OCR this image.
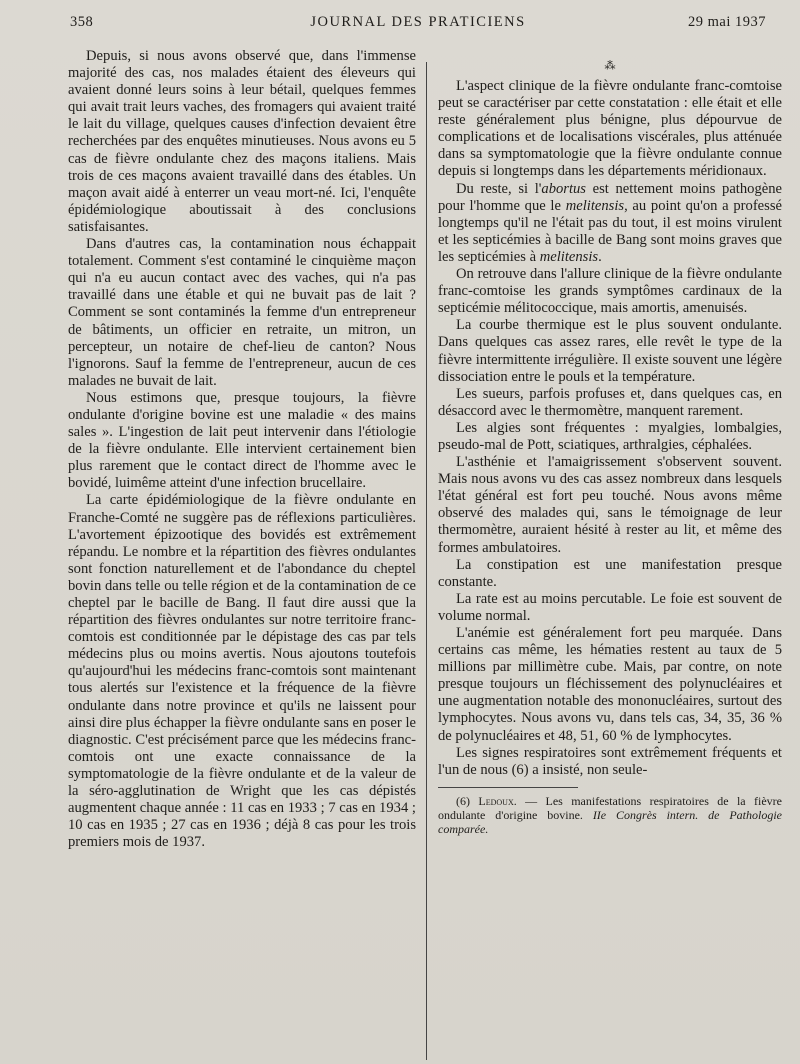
358	JOURNAL DES PRATICIENS	29 mai 1937

Depuis, si nous avons observé que, dans l'immense majorité des cas, nos malades étaient des éleveurs qui avaient donné leurs soins à leur bétail, quelques femmes qui avait trait leurs vaches, des fromagers qui avaient traité le lait du village, quelques causes d'infection devaient être recherchées par des enquêtes minutieuses. Nous avons eu 5 cas de fièvre ondulante chez des maçons italiens. Mais trois de ces maçons avaient travaillé dans des étables. Un maçon avait aidé à enterrer un veau mort-né. Ici, l'enquête épidémiologique aboutissait à des conclusions satisfaisantes.

Dans d'autres cas, la contamination nous échappait totalement. Comment s'est contaminé le cinquième maçon qui n'a eu aucun contact avec des vaches, qui n'a pas travaillé dans une étable et qui ne buvait pas de lait ? Comment se sont contaminés la femme d'un entrepreneur de bâtiments, un officier en retraite, un mitron, un percepteur, un notaire de chef-lieu de canton? Nous l'ignorons. Sauf la femme de l'entrepreneur, aucun de ces malades ne buvait de lait.

Nous estimons que, presque toujours, la fièvre ondulante d'origine bovine est une maladie « des mains sales ». L'ingestion de lait peut intervenir dans l'étiologie de la fièvre ondulante. Elle intervient certainement bien plus rarement que le contact direct de l'homme avec le bovidé, luimême atteint d'une infection brucellaire.

La carte épidémiologique de la fièvre ondulante en Franche-Comté ne suggère pas de réflexions particulières. L'avortement épizootique des bovidés est extrêmement répandu. Le nombre et la répartition des fièvres ondulantes sont fonction naturellement et de l'abondance du cheptel bovin dans telle ou telle région et de la contamination de ce cheptel par le bacille de Bang. Il faut dire aussi que la répartition des fièvres ondulantes sur notre territoire franc-comtois est conditionnée par le dépistage des cas par tels médecins plus ou moins avertis. Nous ajoutons toutefois qu'aujourd'hui les médecins franc-comtois sont maintenant tous alertés sur l'existence et la fréquence de la fièvre ondulante dans notre province et qu'ils ne laissent pour ainsi dire plus échapper la fièvre ondulante sans en poser le diagnostic. C'est précisément parce que les médecins franc-comtois ont une exacte connaissance de la symptomatologie de la fièvre ondulante et de la valeur de la séro-agglutination de Wright que les cas dépistés augmentent chaque année : 11 cas en 1933 ; 7 cas en 1934 ; 10 cas en 1935 ; 27 cas en 1936 ; déjà 8 cas pour les trois premiers mois de 1937.

⁂

L'aspect clinique de la fièvre ondulante franc-comtoise peut se caractériser par cette constatation : elle était et elle reste généralement plus bénigne, plus dépourvue de complications et de localisations viscérales, plus atténuée dans sa symptomatologie que la fièvre ondulante connue depuis si longtemps dans les départements méridionaux.

Du reste, si l'abortus est nettement moins pathogène pour l'homme que le melitensis, au point qu'on a professé longtemps qu'il ne l'était pas du tout, il est moins virulent et les septicémies à bacille de Bang sont moins graves que les septicémies à melitensis.

On retrouve dans l'allure clinique de la fièvre ondulante franc-comtoise les grands symptômes cardinaux de la septicémie mélitococcique, mais amortis, amenuisés.

La courbe thermique est le plus souvent ondulante. Dans quelques cas assez rares, elle revêt le type de la fièvre intermittente irrégulière. Il existe souvent une légère dissociation entre le pouls et la température.

Les sueurs, parfois profuses et, dans quelques cas, en désaccord avec le thermomètre, manquent rarement.

Les algies sont fréquentes : myalgies, lombalgies, pseudo-mal de Pott, sciatiques, arthralgies, céphalées.

L'asthénie et l'amaigrissement s'observent souvent. Mais nous avons vu des cas assez nombreux dans lesquels l'état général est fort peu touché. Nous avons même observé des malades qui, sans le témoignage de leur thermomètre, auraient hésité à rester au lit, et même des formes ambulatoires.

La constipation est une manifestation presque constante.

La rate est au moins percutable. Le foie est souvent de volume normal.

L'anémie est généralement fort peu marquée. Dans certains cas même, les hématies restent au taux de 5 millions par millimètre cube. Mais, par contre, on note presque toujours un fléchissement des polynucléaires et une augmentation notable des mononucléaires, surtout des lymphocytes. Nous avons vu, dans tels cas, 34, 35, 36 % de polynucléaires et 48, 51, 60 % de lymphocytes.

Les signes respiratoires sont extrêmement fréquents et l'un de nous (6) a insisté, non seule-

(6) Ledoux. — Les manifestations respiratoires de la fièvre ondulante d'origine bovine. IIe Congrès intern. de Pathologie comparée.
